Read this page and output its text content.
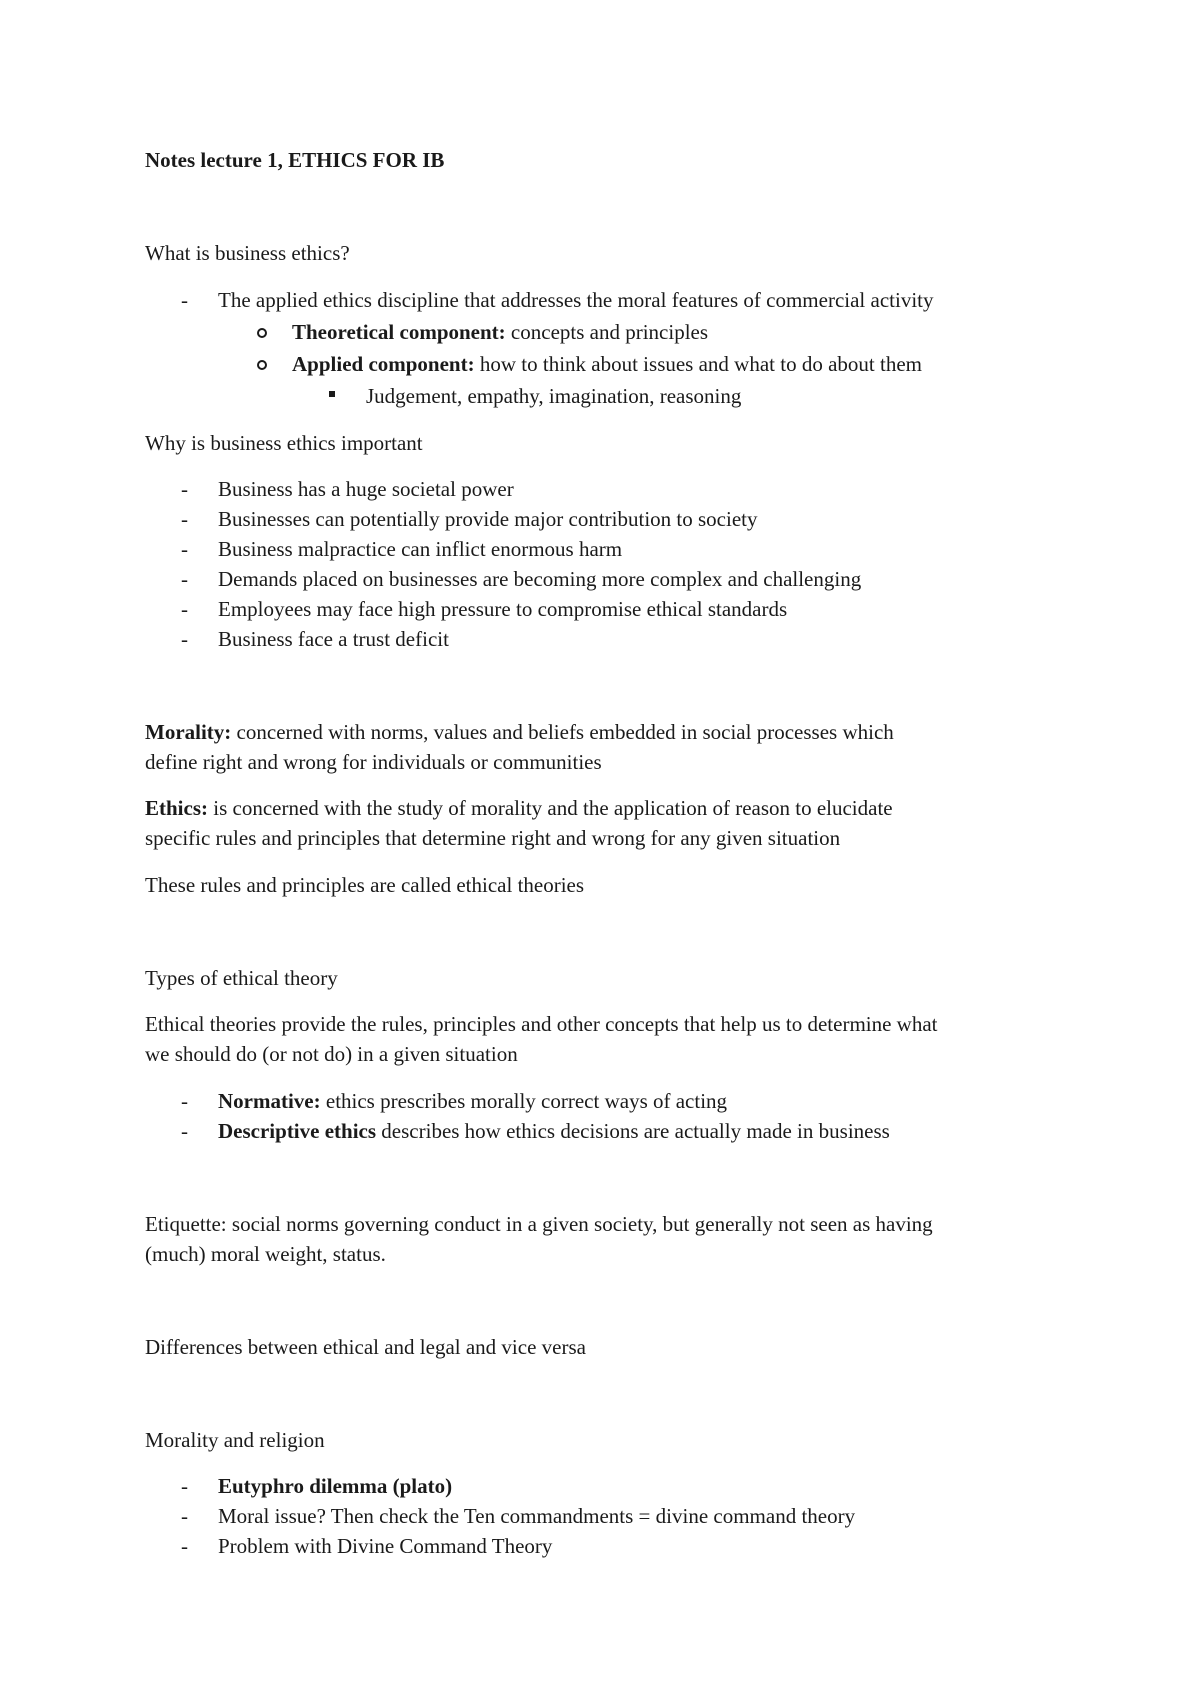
Notes lecture 1, ETHICS FOR IB
What is business ethics?
- The applied ethics discipline that addresses the moral features of commercial activity
Theoretical component: concepts and principles
Applied component: how to think about issues and what to do about them
Judgement, empathy, imagination, reasoning
Why is business ethics important
- Business has a huge societal power
- Businesses can potentially provide major contribution to society
- Business malpractice can inflict enormous harm
- Demands placed on businesses are becoming more complex and challenging
- Employees may face high pressure to compromise ethical standards
- Business face a trust deficit
Morality: concerned with norms, values and beliefs embedded in social processes which
define right and wrong for individuals or communities
Ethics: is concerned with the study of morality and the application of reason to elucidate
specific rules and principles that determine right and wrong for any given situation
These rules and principles are called ethical theories
Types of ethical theory
Ethical theories provide the rules, principles and other concepts that help us to determine what
we should do (or not do) in a given situation
- Normative: ethics prescribes morally correct ways of acting
- Descriptive ethics describes how ethics decisions are actually made in business
Etiquette: social norms governing conduct in a given society, but generally not seen as having
(much) moral weight, status.
Differences between ethical and legal and vice versa
Morality and religion
- Eutyphro dilemma (plato)
- Moral issue? Then check the Ten commandments = divine command theory
- Problem with Divine Command Theory
